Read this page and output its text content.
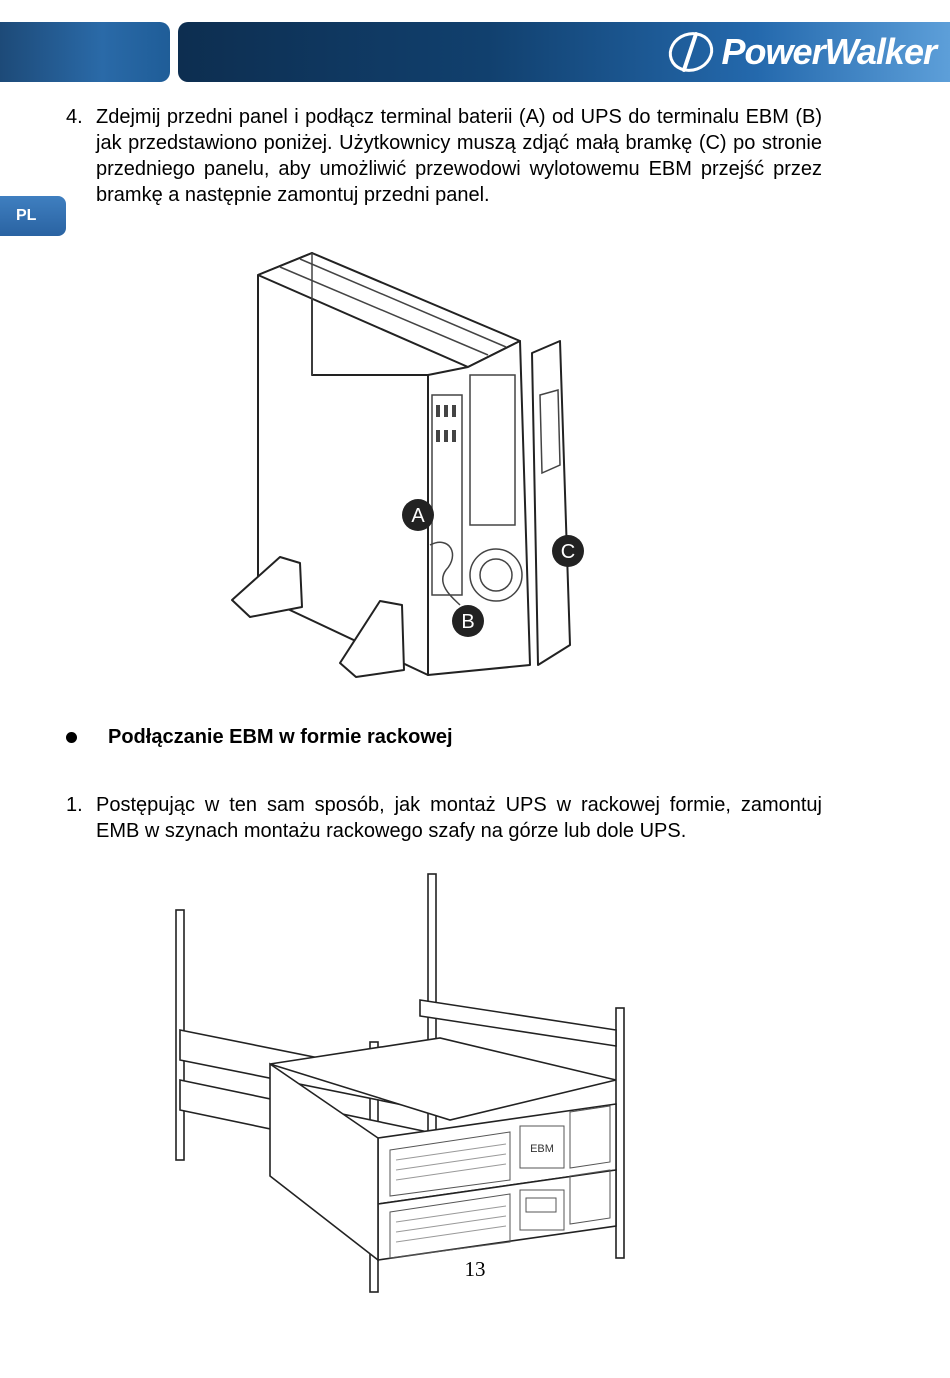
PowerWalker
PL
4. Zdejmij przedni panel i podłącz terminal baterii (A) od UPS do terminalu EBM (B) jak przedstawiono poniżej. Użytkownicy muszą zdjąć małą bramkę (C) po stronie przedniego panelu, aby umożliwić przewodowi wylotowemu EBM przejść przez bramkę a następnie zamontuj przedni panel.
A
B
C
Podłączanie EBM w formie rackowej
1. Postępując w ten sam sposób, jak montaż UPS w rackowej formie, zamontuj EMB w szynach montażu rackowego szafy na górze lub dole UPS.
EBM
13
